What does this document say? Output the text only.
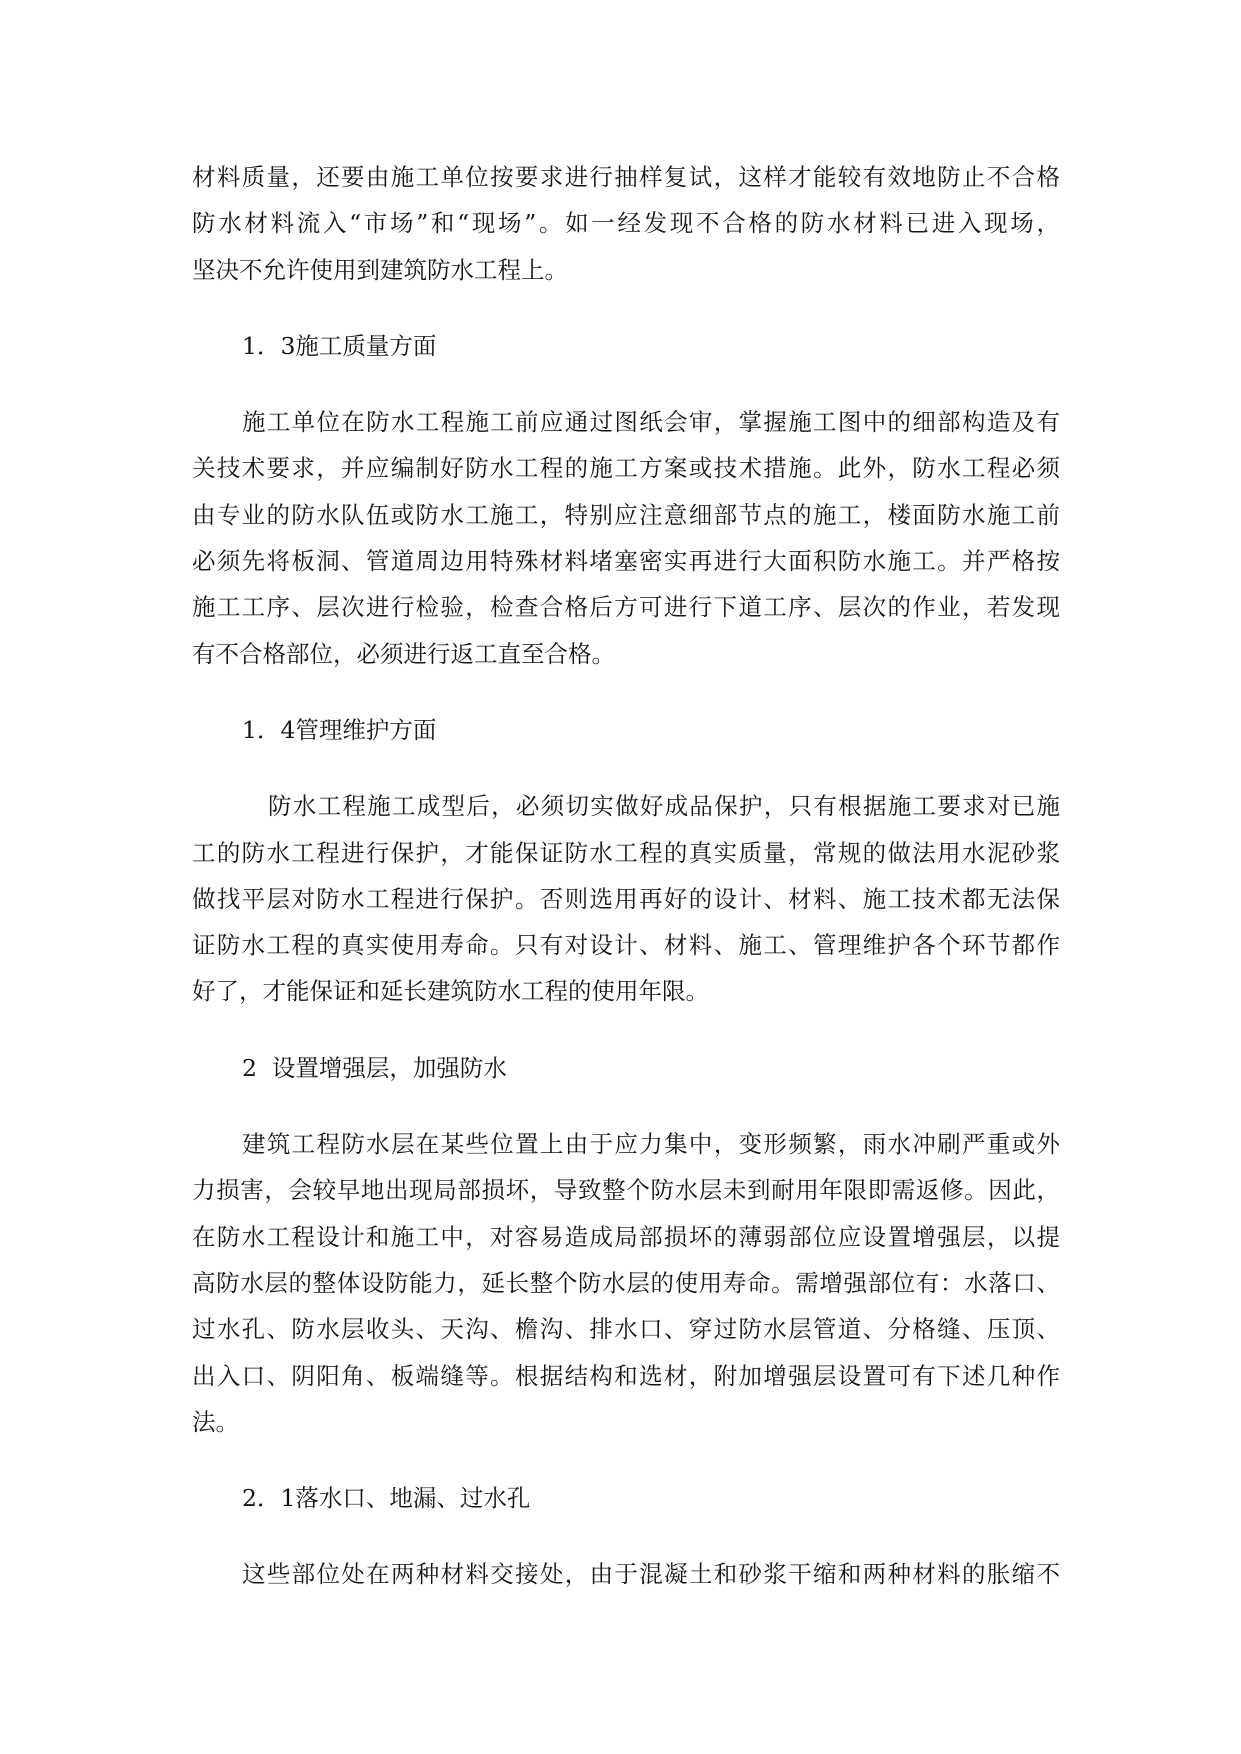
材料质量，还要由施工单位按要求进行抽样复试，这样才能较有效地防止不合格
防水材料流入“市场”和“现场”。如一经发现不合格的防水材料已进入现场，
坚决不允许使用到建筑防水工程上。
1．3施工质量方面
施工单位在防水工程施工前应通过图纸会审，掌握施工图中的细部构造及有
关技术要求，并应编制好防水工程的施工方案或技术措施。此外，防水工程必须
由专业的防水队伍或防水工施工，特别应注意细部节点的施工，楼面防水施工前
必须先将板洞、管道周边用特殊材料堵塞密实再进行大面积防水施工。并严格按
施工工序、层次进行检验，检查合格后方可进行下道工序、层次的作业，若发现
有不合格部位，必须进行返工直至合格。
1．4管理维护方面
防水工程施工成型后，必须切实做好成品保护，只有根据施工要求对已施
工的防水工程进行保护，才能保证防水工程的真实质量，常规的做法用水泥砂浆
做找平层对防水工程进行保护。否则选用再好的设计、材料、施工技术都无法保
证防水工程的真实使用寿命。只有对设计、材料、施工、管理维护各个环节都作
好了，才能保证和延长建筑防水工程的使用年限。
2  设置增强层，加强防水
建筑工程防水层在某些位置上由于应力集中，变形频繁，雨水冲刷严重或外
力损害，会较早地出现局部损坏，导致整个防水层未到耐用年限即需返修。因此，
在防水工程设计和施工中，对容易造成局部损坏的薄弱部位应设置增强层，以提
高防水层的整体设防能力，延长整个防水层的使用寿命。需增强部位有：水落口、
过水孔、防水层收头、天沟、檐沟、排水口、穿过防水层管道、分格缝、压顶、
出入口、阴阳角、板端缝等。根据结构和选材，附加增强层设置可有下述几种作
法。
2．1落水口、地漏、过水孔
这些部位处在两种材料交接处，由于混凝土和砂浆干缩和两种材料的胀缩不
